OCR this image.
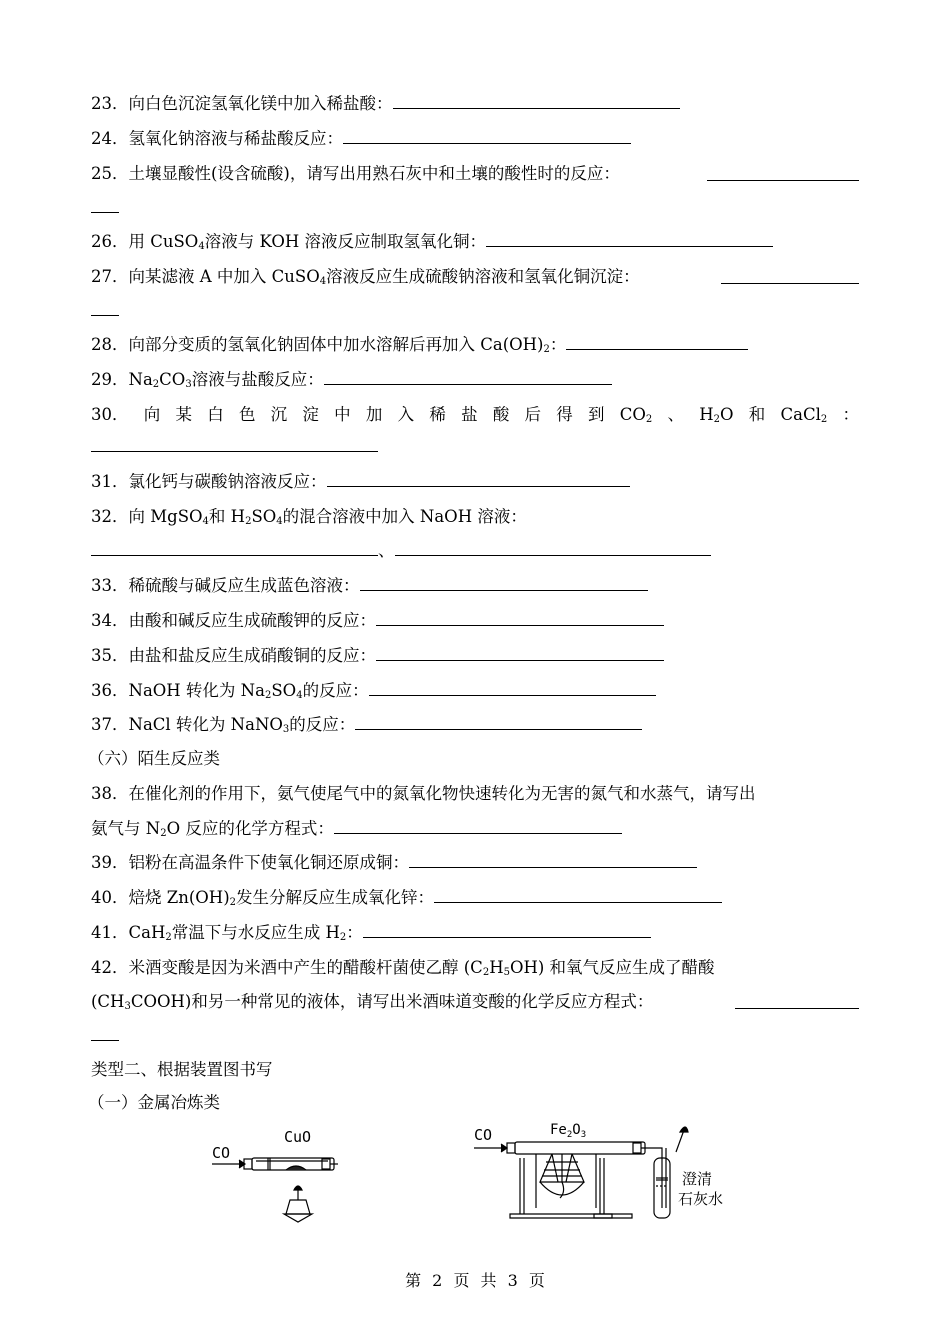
23．向白色沉淀氢氧化镁中加入稀盐酸：
24．氢氧化钠溶液与稀盐酸反应：
25．土壤显酸性(设含硫酸)，请写出用熟石灰中和土壤的酸性时的反应：
26．用 CuSO$_4$溶液与 KOH 溶液反应制取氢氧化铜：
27．向某滤液 A 中加入 CuSO$_4$溶液反应生成硫酸钠溶液和氢氧化铜沉淀：
28．向部分变质的氢氧化钠固体中加水溶解后再加入 $Ca(OH)_2$：
29．$Na_2CO_3$溶液与盐酸反应：
30． 向 某 白 色 沉 淀 中 加 入 稀 盐 酸 后 得 到 $CO_2$ 、 $H_2O$ 和 CaCl$_2$ ：
31．氯化钙与碳酸钠溶液反应：
32．向 MgSO$_4$和 $H_2SO_4$的混合溶液中加入 NaOH 溶液：
、
33．稀硫酸与碱反应生成蓝色溶液：
34．由酸和碱反应生成硫酸钾的反应：
35．由盐和盐反应生成硝酸铜的反应：
36．NaOH 转化为 $Na_2SO_4$的反应：
37．NaCl 转化为 NaNO$_3$的反应：
（六）陌生反应类
38．在催化剂的作用下，氨气使尾气中的氮氧化物快速转化为无害的氮气和水蒸气，请写出
氨气与 $N_2O$ 反应的化学方程式：
39．铝粉在高温条件下使氧化铜还原成铜：
40．焙烧 $Zn(OH)_2$发生分解反应生成氧化锌：
41．CaH$_2$常温下与水反应生成 $H_2$：
42．米酒变酸是因为米酒中产生的醋酸杆菌使乙醇 $(C_2H_5OH)$ 和氧气反应生成了醋酸
$(CH_3COOH)$和另一种常见的液体，请写出米酒味道变酸的化学反应方程式：
类型二、根据装置图书写
（一）金属冶炼类
CuO
CO
CO	$Fe_2O_3$
澄清
石灰水
第 2 页 共 3 页
